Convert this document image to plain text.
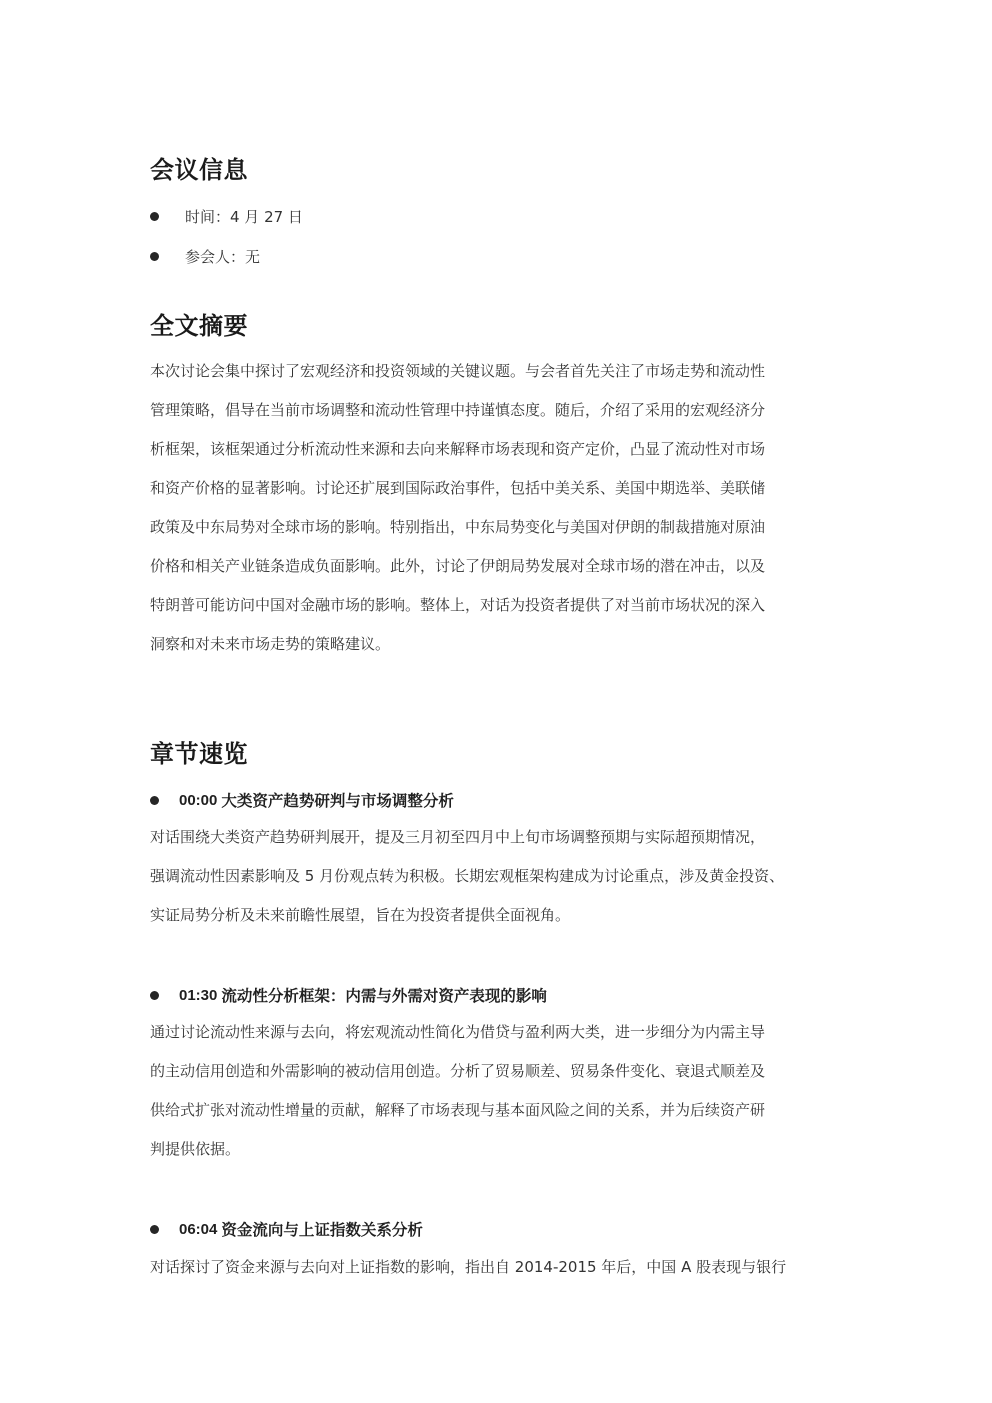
会议信息
时间：4 月 27 日
参会人：无
全文摘要
本次讨论会集中探讨了宏观经济和投资领域的关键议题。与会者首先关注了市场走势和流动性
管理策略，倡导在当前市场调整和流动性管理中持谨慎态度。随后，介绍了采用的宏观经济分
析框架，该框架通过分析流动性来源和去向来解释市场表现和资产定价，凸显了流动性对市场
和资产价格的显著影响。讨论还扩展到国际政治事件，包括中美关系、美国中期选举、美联储
政策及中东局势对全球市场的影响。特别指出，中东局势变化与美国对伊朗的制裁措施对原油
价格和相关产业链条造成负面影响。此外，讨论了伊朗局势发展对全球市场的潜在冲击，以及
特朗普可能访问中国对金融市场的影响。整体上，对话为投资者提供了对当前市场状况的深入
洞察和对未来市场走势的策略建议。
章节速览
00:00 大类资产趋势研判与市场调整分析
对话围绕大类资产趋势研判展开，提及三月初至四月中上旬市场调整预期与实际超预期情况，
强调流动性因素影响及 5 月份观点转为积极。长期宏观框架构建成为讨论重点，涉及黄金投资、
实证局势分析及未来前瞻性展望，旨在为投资者提供全面视角。
01:30 流动性分析框架：内需与外需对资产表现的影响
通过讨论流动性来源与去向，将宏观流动性简化为借贷与盈利两大类，进一步细分为内需主导
的主动信用创造和外需影响的被动信用创造。分析了贸易顺差、贸易条件变化、衰退式顺差及
供给式扩张对流动性增量的贡献，解释了市场表现与基本面风险之间的关系，并为后续资产研
判提供依据。
06:04 资金流向与上证指数关系分析
对话探讨了资金来源与去向对上证指数的影响，指出自 2014-2015 年后，中国 A 股表现与银行
